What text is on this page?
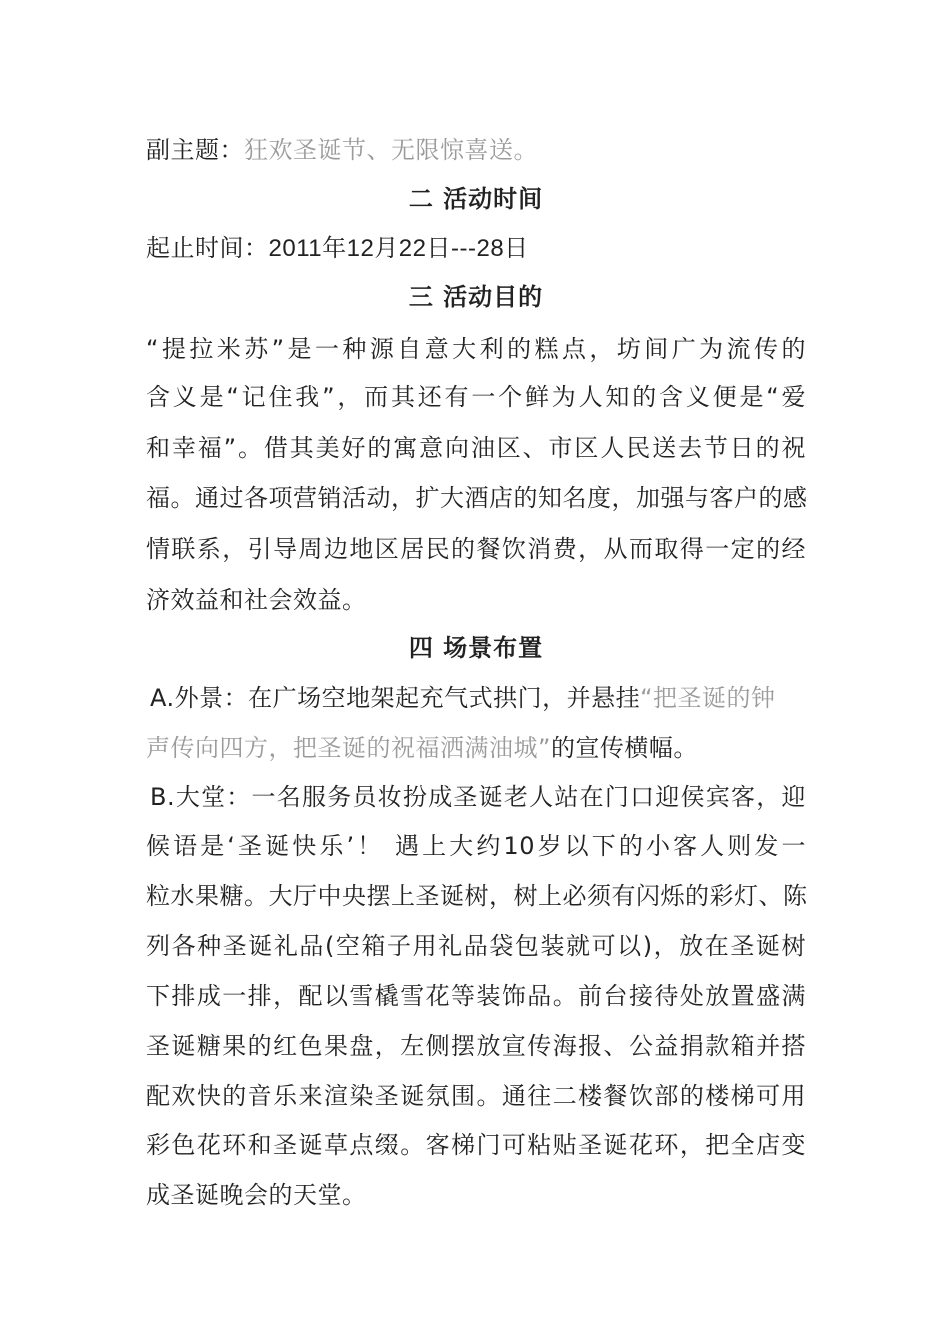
副主题：狂欢圣诞节、无限惊喜送。
二 活动时间
起止时间：2011年12月22日---28日
三 活动目的
“提拉米苏”是一种源自意大利的糕点，坊间广为流传的
含义是“记住我”，而其还有一个鲜为人知的含义便是“爱
和幸福”。借其美好的寓意向油区、市区人民送去节日的祝
福。通过各项营销活动，扩大酒店的知名度，加强与客户的感
情联系，引导周边地区居民的餐饮消费，从而取得一定的经
济效益和社会效益。
四 场景布置
A.外景：在广场空地架起充气式拱门，并悬挂“把圣诞的钟
声传向四方，把圣诞的祝福洒满油城”的宣传横幅。
B.大堂：一名服务员妆扮成圣诞老人站在门口迎侯宾客，迎
候语是‘圣诞快乐’！ 遇上大约10岁以下的小客人则发一
粒水果糖。大厅中央摆上圣诞树，树上必须有闪烁的彩灯、陈
列各种圣诞礼品(空箱子用礼品袋包装就可以)，放在圣诞树
下排成一排，配以雪橇雪花等装饰品。前台接待处放置盛满
圣诞糖果的红色果盘，左侧摆放宣传海报、公益捐款箱并搭
配欢快的音乐来渲染圣诞氛围。通往二楼餐饮部的楼梯可用
彩色花环和圣诞草点缀。客梯门可粘贴圣诞花环，把全店变
成圣诞晚会的天堂。
